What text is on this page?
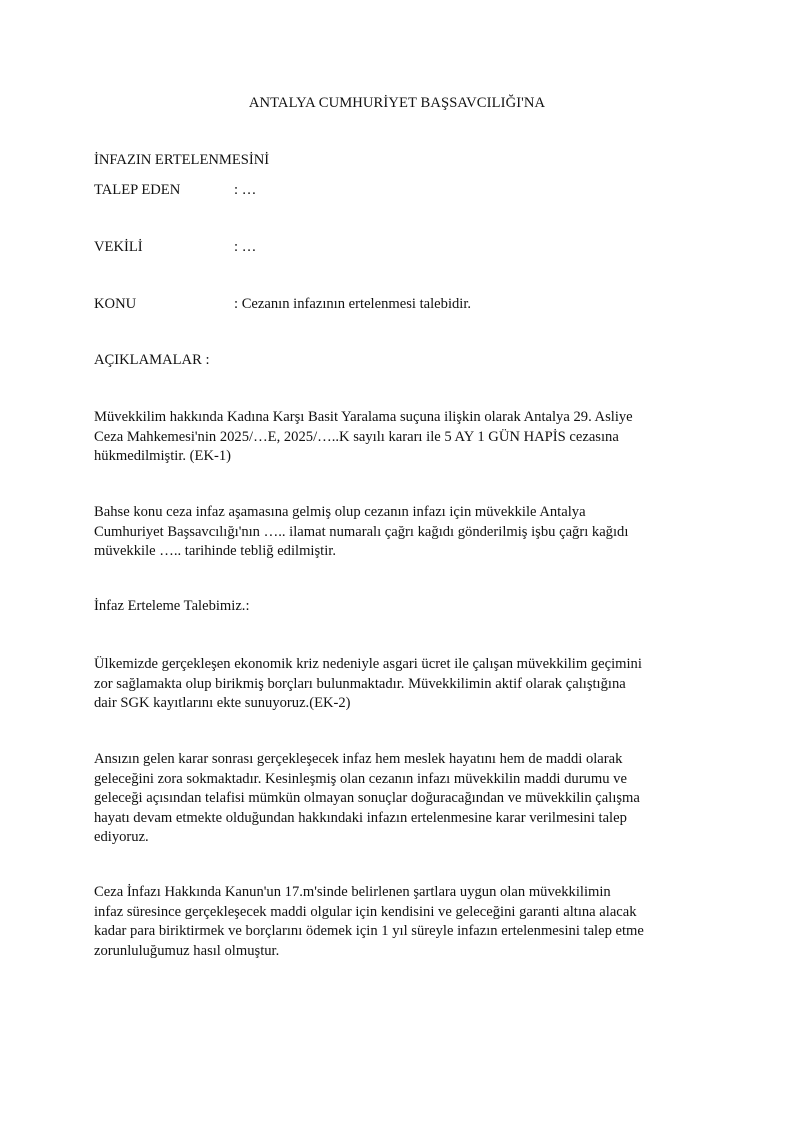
ANTALYA CUMHURİYET BAŞSAVCILIĞI'NA
İNFAZIN ERTELENMESİNİ
TALEP EDEN	: …
VEKİLİ	: …
KONU	: Cezanın infazının ertelenmesi talebidir.
AÇIKLAMALAR :
Müvekkilim hakkında Kadına Karşı Basit Yaralama suçuna ilişkin olarak Antalya 29. Asliye
Ceza Mahkemesi'nin 2025/…E, 2025/…..K sayılı kararı ile 5 AY 1 GÜN HAPİS cezasına
hükmedilmiştir. (EK-1)
Bahse konu ceza infaz aşamasına gelmiş olup cezanın infazı için müvekkile Antalya
Cumhuriyet Başsavcılığı'nın ….. ilamat numaralı çağrı kağıdı gönderilmiş işbu çağrı kağıdı
müvekkile ….. tarihinde tebliğ edilmiştir.
İnfaz Erteleme Talebimiz.:
Ülkemizde gerçekleşen ekonomik kriz nedeniyle asgari ücret ile çalışan müvekkilim geçimini
zor sağlamakta olup birikmiş borçları bulunmaktadır. Müvekkilimin aktif olarak çalıştığına
dair SGK kayıtlarını ekte sunuyoruz.(EK-2)
Ansızın gelen karar sonrası gerçekleşecek infaz hem meslek hayatını hem de maddi olarak
geleceğini zora sokmaktadır. Kesinleşmiş olan cezanın infazı müvekkilin maddi durumu ve
geleceği açısından telafisi mümkün olmayan sonuçlar doğuracağından ve müvekkilin çalışma
hayatı devam etmekte olduğundan hakkındaki infazın ertelenmesine karar verilmesini talep
ediyoruz.
Ceza İnfazı Hakkında Kanun'un 17.m'sinde belirlenen şartlara uygun olan müvekkilimin
infaz süresince gerçekleşecek maddi olgular için kendisini ve geleceğini garanti altına alacak
kadar para biriktirmek ve borçlarını ödemek için 1 yıl süreyle infazın ertelenmesini talep etme
zorunluluğumuz hasıl olmuştur.
